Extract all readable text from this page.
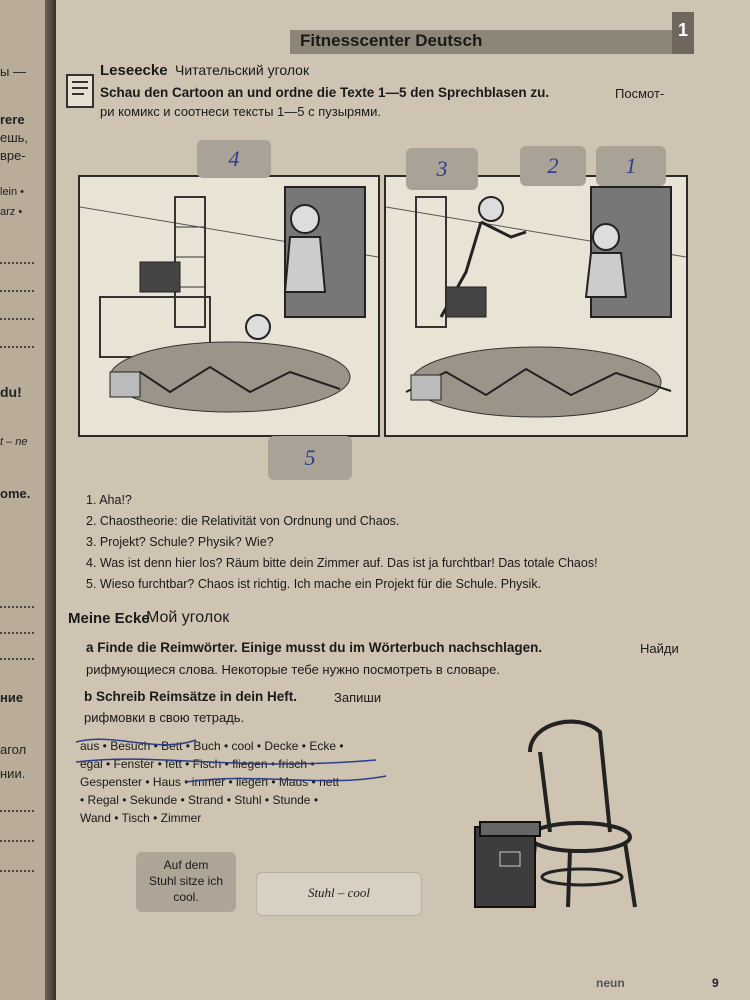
ы —
rere
ешь,
вре-
lein •
arz •
du!
t – ne
ome.
ние
агол
нии.
Fitnesscenter Deutsch
1
Leseecke Читательский уголок
Schau den Cartoon an und ordne die Texte 1—5 den Sprechblasen zu.	Посмот-
ри комикс и соотнеси тексты 1—5 с пузырями.
4
5
3	2	1
1. Aha!?
2. Chaostheorie: die Relativität von Ordnung und Chaos.
3. Projekt? Schule? Physik? Wie?
4. Was ist denn hier los? Räum bitte dein Zimmer auf. Das ist ja furchtbar! Das totale Chaos!
5. Wieso furchtbar? Chaos ist richtig. Ich mache ein Projekt für die Schule. Physik.
Meine Ecke
Мой уголок
a Finde die Reimwörter. Einige musst du im Wörterbuch nachschlagen.	Найди
рифмующиеся слова. Некоторые тебе нужно посмотреть в словаре.
b Schreib Reimsätze in dein Heft.	Запиши
рифмовки в свою тетрадь.
aus • Besuch • Bett • Buch • cool • Decke • Ecke •
egal • Fenster • fett • Fisch • fliegen • frisch •
Gespenster • Haus • immer • liegen • Maus • nett
• Regal • Sekunde • Strand • Stuhl • Stunde •
Wand • Tisch • Zimmer
Auf dem
Stuhl sitze ich
cool.	Stuhl – cool
neun	9
